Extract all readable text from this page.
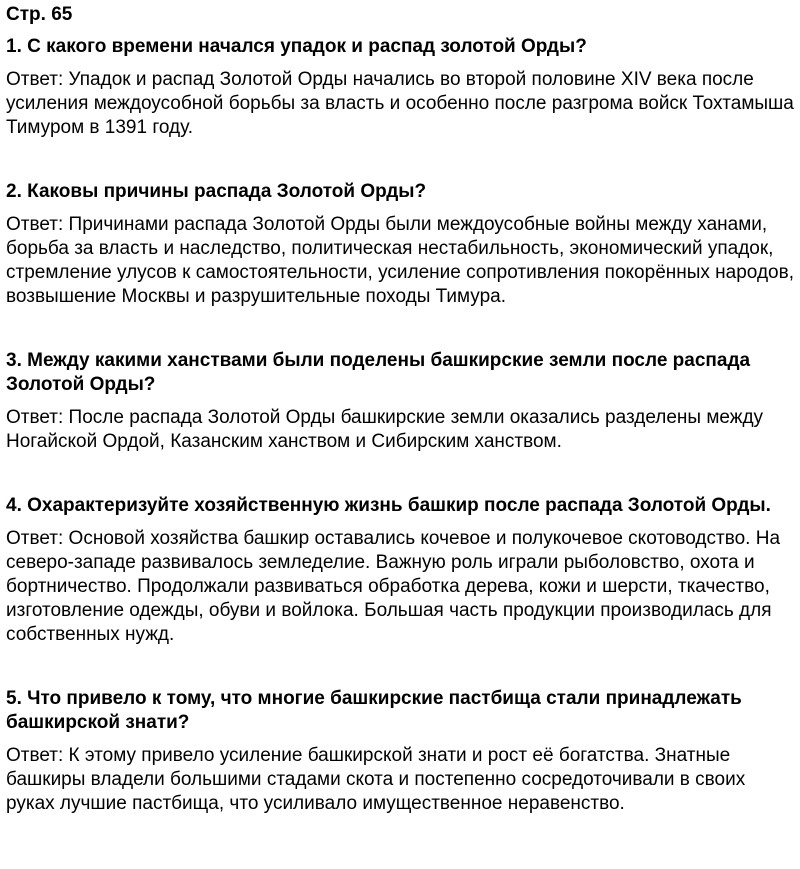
Стр. 65

1. С какого времени начался упадок и распад золотой Орды?

Ответ: Упадок и распад Золотой Орды начались во второй половине XIV века после усиления междоусобной борьбы за власть и особенно после разгрома войск Тохтамыша Тимуром в 1391 году.

2. Каковы причины распада Золотой Орды?

Ответ: Причинами распада Золотой Орды были междоусобные войны между ханами, борьба за власть и наследство, политическая нестабильность, экономический упадок, стремление улусов к самостоятельности, усиление сопротивления покорённых народов, возвышение Москвы и разрушительные походы Тимура.

3. Между какими ханствами были поделены башкирские земли после распада Золотой Орды?

Ответ: После распада Золотой Орды башкирские земли оказались разделены между Ногайской Ордой, Казанским ханством и Сибирским ханством.

4. Охарактеризуйте хозяйственную жизнь башкир после распада Золотой Орды.

Ответ: Основой хозяйства башкир оставались кочевое и полукочевое скотоводство. На северо-западе развивалось земледелие. Важную роль играли рыболовство, охота и бортничество. Продолжали развиваться обработка дерева, кожи и шерсти, ткачество, изготовление одежды, обуви и войлока. Большая часть продукции производилась для собственных нужд.

5. Что привело к тому, что многие башкирские пастбища стали принадлежать башкирской знати?

Ответ: К этому привело усиление башкирской знати и рост её богатства. Знатные башкиры владели большими стадами скота и постепенно сосредоточивали в своих руках лучшие пастбища, что усиливало имущественное неравенство.
